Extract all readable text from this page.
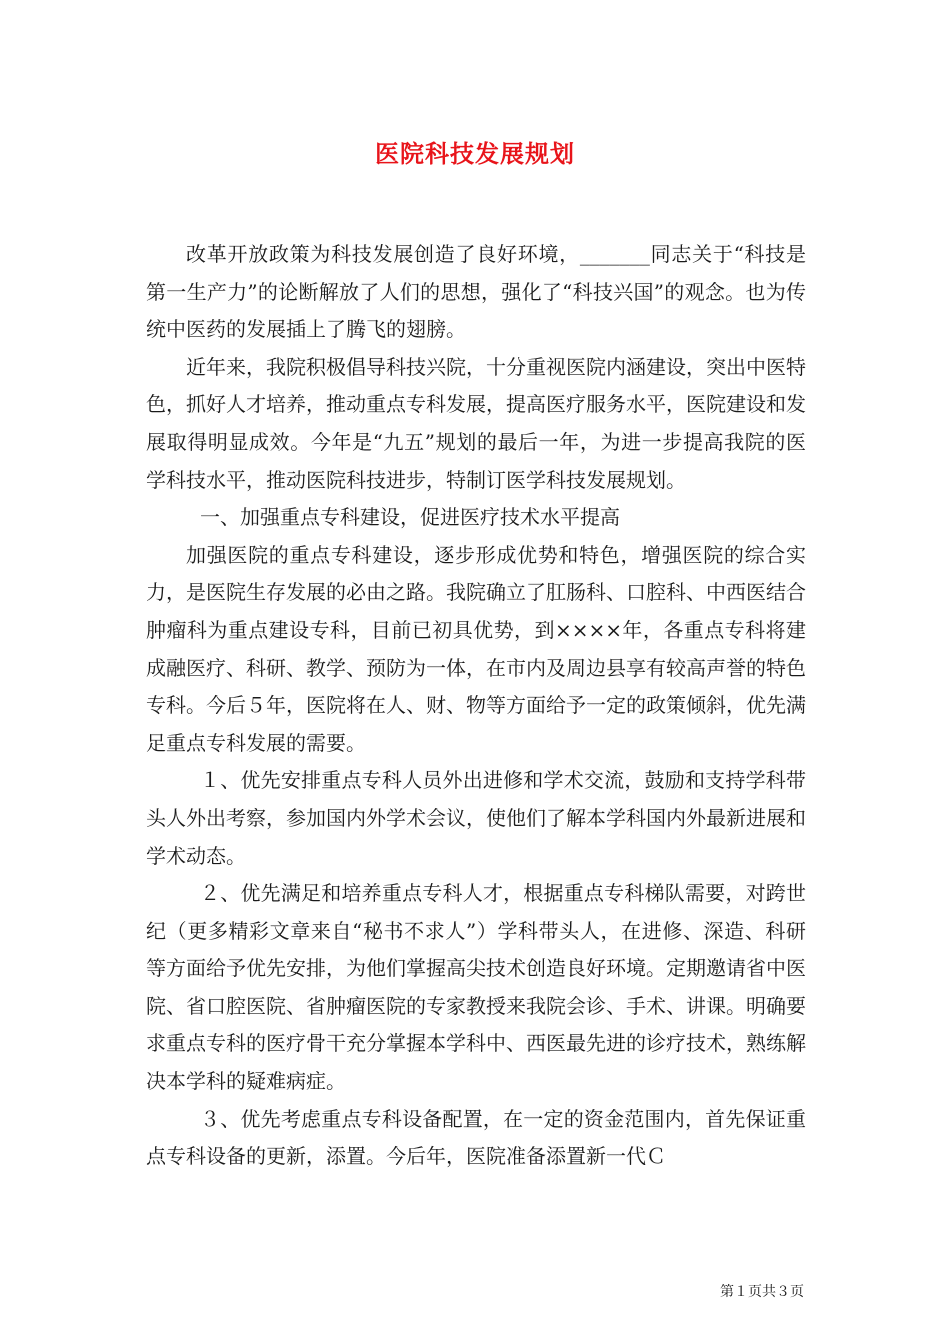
医院科技发展规划

改革开放政策为科技发展创造了良好环境，_______同志关于“科技是第一生产力”的论断解放了人们的思想，强化了“科技兴国”的观念。也为传统中医药的发展插上了腾飞的翅膀。

近年来，我院积极倡导科技兴院，十分重视医院内涵建设，突出中医特色，抓好人才培养，推动重点专科发展，提高医疗服务水平，医院建设和发展取得明显成效。今年是“九五”规划的最后一年，为进一步提高我院的医学科技水平，推动医院科技进步，特制订医学科技发展规划。

一、加强重点专科建设，促进医疗技术水平提高

加强医院的重点专科建设，逐步形成优势和特色，增强医院的综合实力，是医院生存发展的必由之路。我院确立了肛肠科、口腔科、中西医结合肿瘤科为重点建设专科，目前已初具优势，到××××年，各重点专科将建成融医疗、科研、教学、预防为一体，在市内及周边县享有较高声誉的特色专科。今后５年，医院将在人、财、物等方面给予一定的政策倾斜，优先满足重点专科发展的需要。

１、优先安排重点专科人员外出进修和学术交流，鼓励和支持学科带头人外出考察，参加国内外学术会议，使他们了解本学科国内外最新进展和学术动态。

２、优先满足和培养重点专科人才，根据重点专科梯队需要，对跨世纪（更多精彩文章来自“秘书不求人”）学科带头人，在进修、深造、科研等方面给予优先安排，为他们掌握高尖技术创造良好环境。定期邀请省中医院、省口腔医院、省肿瘤医院的专家教授来我院会诊、手术、讲课。明确要求重点专科的医疗骨干充分掌握本学科中、西医最先进的诊疗技术，熟练解决本学科的疑难病症。

３、优先考虑重点专科设备配置，在一定的资金范围内，首先保证重点专科设备的更新，添置。今后年，医院准备添置新一代Ｃ

第１页共３页
